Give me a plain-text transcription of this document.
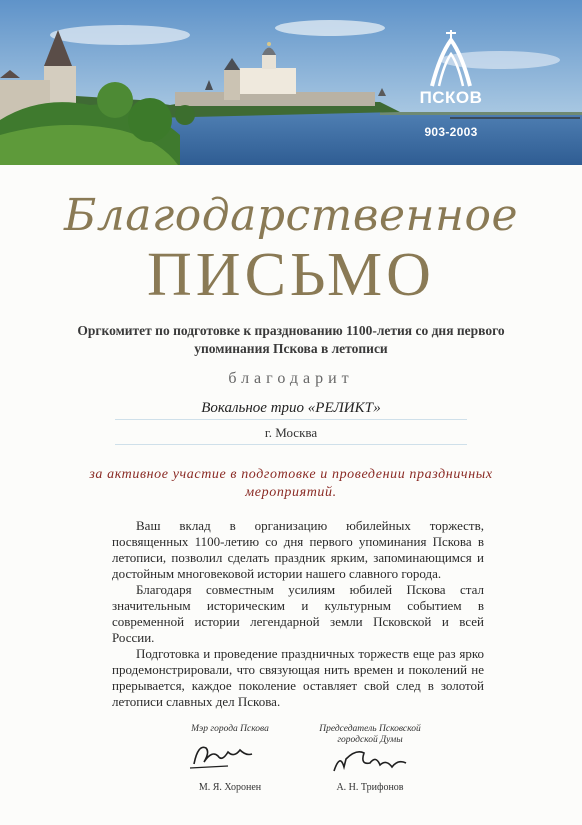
ПСКОВ
903-2003
Благодарственное
ПИСЬМО
Оргкомитет по подготовке к празднованию 1100-летия со дня первого упоминания Пскова в летописи
благодарит
Вокальное трио «РЕЛИКТ»
г. Москва
за активное участие в подготовке и проведении праздничных мероприятий.

Ваш вклад в организацию юбилейных торжеств, посвященных 1100-летию со дня первого упоминания Пскова в летописи, позволил сделать праздник ярким, запоминающимся и достойным многовековой истории нашего славного города.

Благодаря совместным усилиям юбилей Пскова стал значительным историческим и культурным событием в современной истории легендарной земли Псковской и всей России.

Подготовка и проведение праздничных торжеств еще раз ярко продемонстрировали, что связующая нить времен и поколений не прерывается, каждое поколение оставляет свой след в золотой летописи славных дел Пскова.

Мэр города Пскова
М. Я. Хоронен
Председатель Псковской городской Думы
А. Н. Трифонов
